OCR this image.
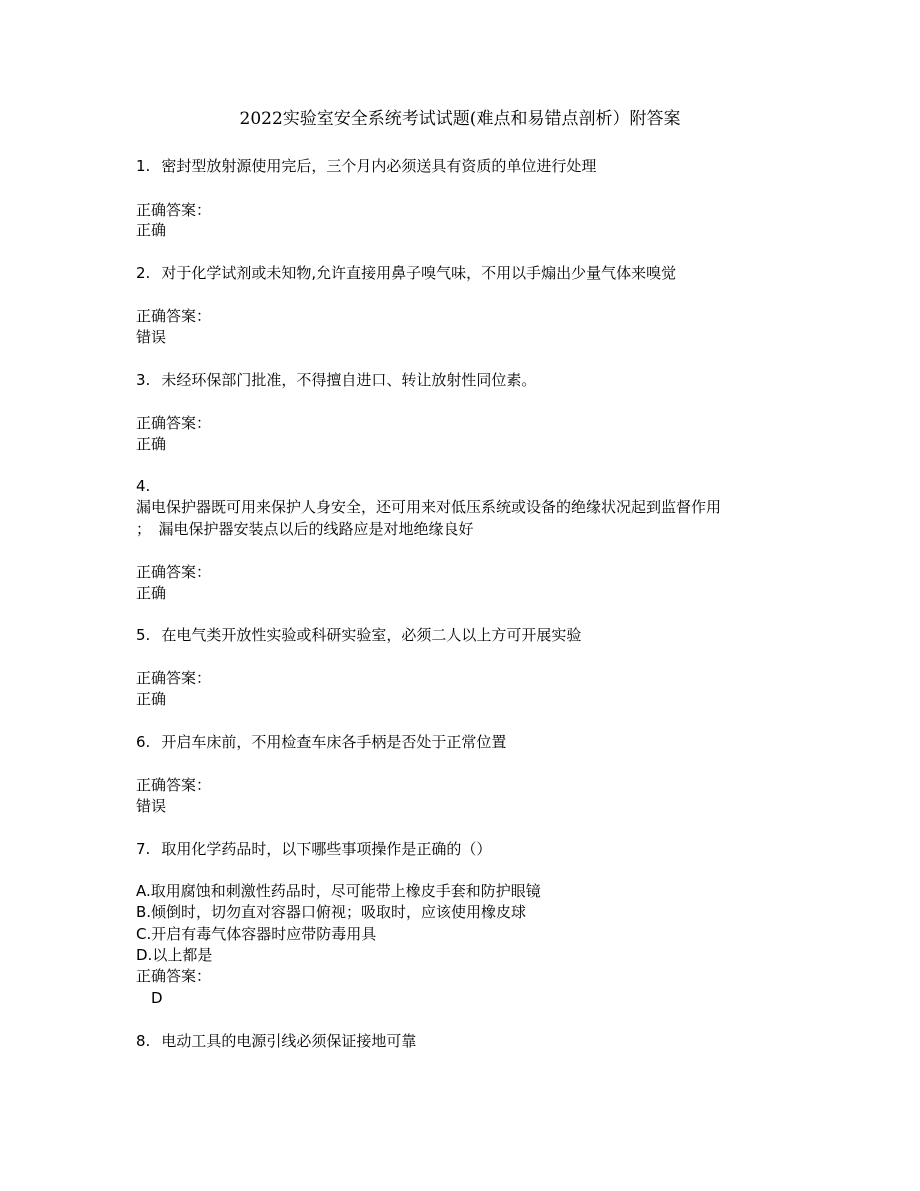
2022实验室安全系统考试试题(难点和易错点剖析）附答案
1. 密封型放射源使用完后，三个月内必须送具有资质的单位进行处理
正确答案：
正确
2. 对于化学试剂或未知物,允许直接用鼻子嗅气味，不用以手煽出少量气体来嗅觉
正确答案：
错误
3. 未经环保部门批准，不得擅自进口、转让放射性同位素。
正确答案：
正确
4.
漏电保护器既可用来保护人身安全，还可用来对低压系统或设备的绝缘状况起到监督作用
；　漏电保护器安装点以后的线路应是对地绝缘良好
正确答案：
正确
5. 在电气类开放性实验或科研实验室，必须二人以上方可开展实验
正确答案：
正确
6. 开启车床前，不用检查车床各手柄是否处于正常位置
正确答案：
错误
7. 取用化学药品时，以下哪些事项操作是正确的（）
A.取用腐蚀和刺激性药品时，尽可能带上橡皮手套和防护眼镜
B.倾倒时，切勿直对容器口俯视；吸取时，应该使用橡皮球
C.开启有毒气体容器时应带防毒用具
D.以上都是
正确答案：
D
8. 电动工具的电源引线必须保证接地可靠
